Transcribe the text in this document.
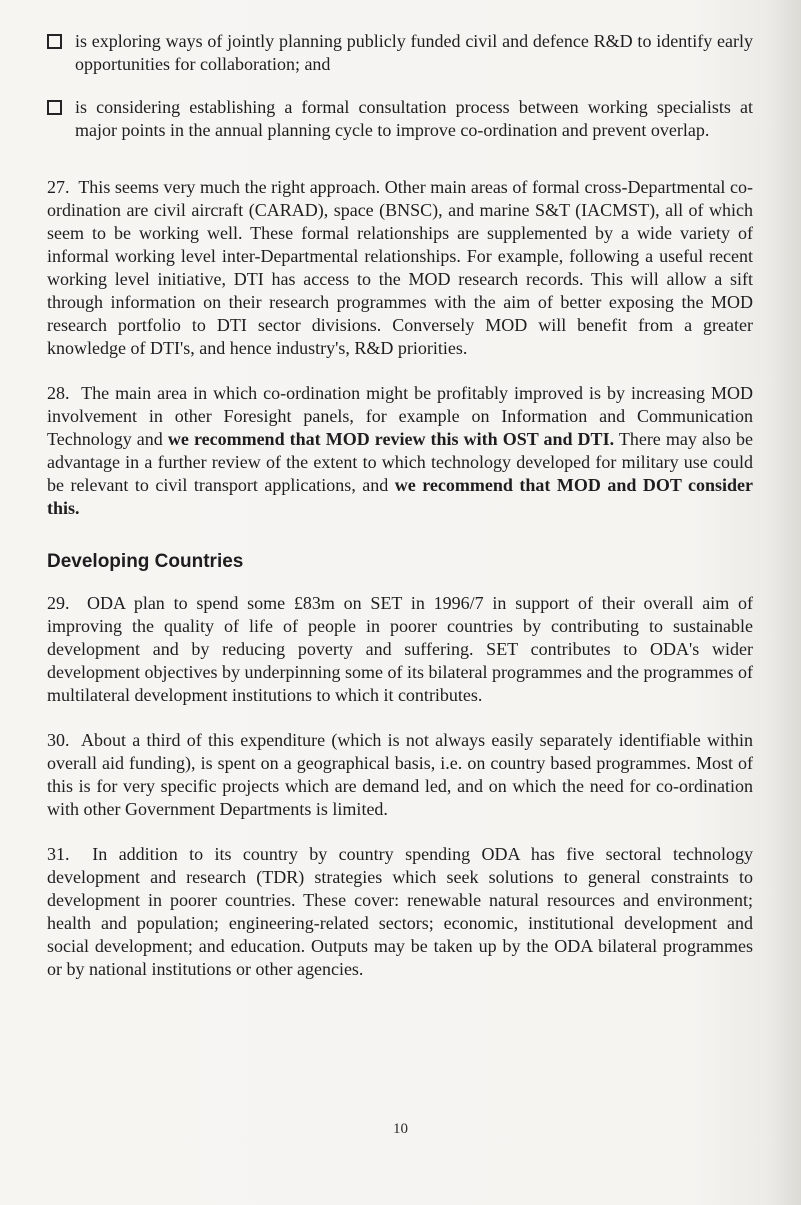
is exploring ways of jointly planning publicly funded civil and defence R&D to identify early opportunities for collaboration; and
is considering establishing a formal consultation process between working specialists at major points in the annual planning cycle to improve co-ordination and prevent overlap.

27.  This seems very much the right approach. Other main areas of formal cross-Departmental co-ordination are civil aircraft (CARAD), space (BNSC), and marine S&T (IACMST), all of which seem to be working well. These formal relationships are supplemented by a wide variety of informal working level inter-Departmental relationships. For example, following a useful recent working level initiative, DTI has access to the MOD research records. This will allow a sift through information on their research programmes with the aim of better exposing the MOD research portfolio to DTI sector divisions. Conversely MOD will benefit from a greater knowledge of DTI's, and hence industry's, R&D priorities.

28.  The main area in which co-ordination might be profitably improved is by increasing MOD involvement in other Foresight panels, for example on Information and Communication Technology and we recommend that MOD review this with OST and DTI. There may also be advantage in a further review of the extent to which technology developed for military use could be relevant to civil transport applications, and we recommend that MOD and DOT consider this.

Developing Countries

29.  ODA plan to spend some £83m on SET in 1996/7 in support of their overall aim of improving the quality of life of people in poorer countries by contributing to sustainable development and by reducing poverty and suffering. SET contributes to ODA's wider development objectives by underpinning some of its bilateral programmes and the programmes of multilateral development institutions to which it contributes.

30.  About a third of this expenditure (which is not always easily separately identifiable within overall aid funding), is spent on a geographical basis, i.e. on country based programmes. Most of this is for very specific projects which are demand led, and on which the need for co-ordination with other Government Departments is limited.

31.  In addition to its country by country spending ODA has five sectoral technology development and research (TDR) strategies which seek solutions to general constraints to development in poorer countries. These cover: renewable natural resources and environment; health and population; engineering-related sectors; economic, institutional development and social development; and education. Outputs may be taken up by the ODA bilateral programmes or by national institutions or other agencies.

10
